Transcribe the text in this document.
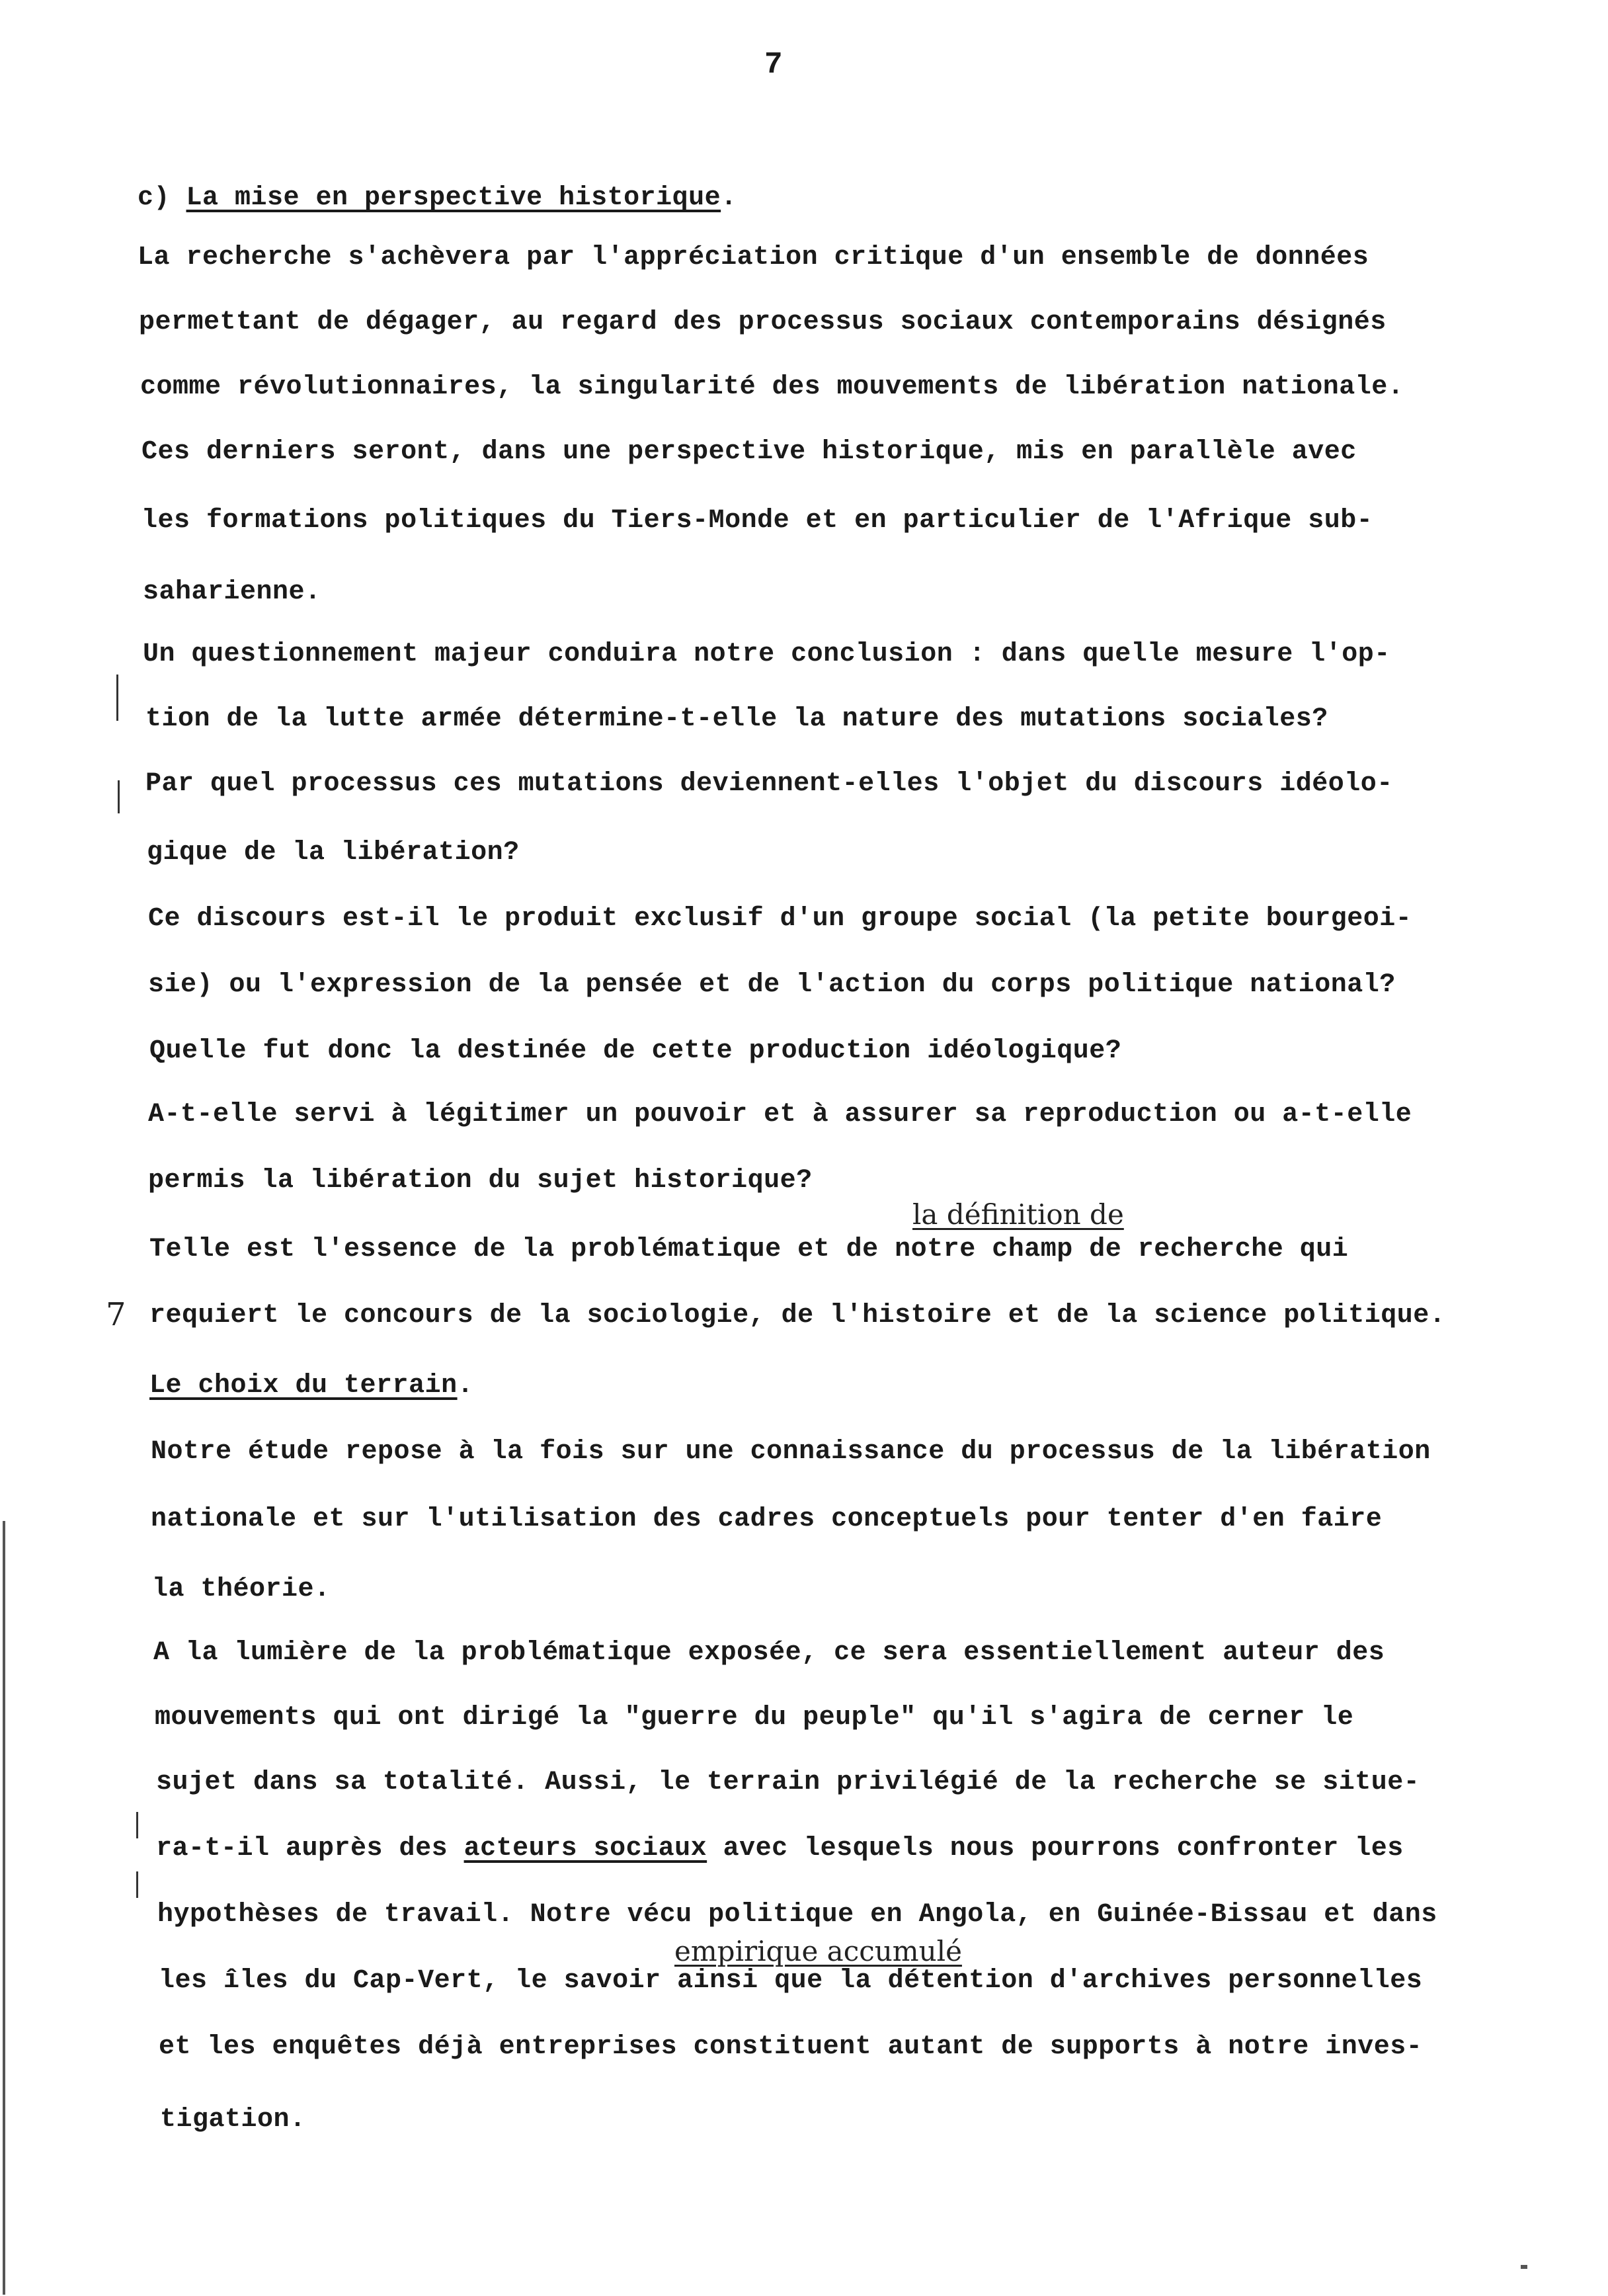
7
c) La mise en perspective historique.
La recherche s'achèvera par l'appréciation critique d'un ensemble de données
permettant de dégager, au regard des processus sociaux contemporains désignés
comme révolutionnaires, la singularité des mouvements de libération nationale.
Ces derniers seront, dans une perspective historique, mis en parallèle avec
les formations politiques du Tiers-Monde et en particulier de l'Afrique sub-
saharienne.
Un questionnement majeur conduira notre conclusion : dans quelle mesure l'op-
tion de la lutte armée détermine-t-elle la nature des mutations sociales?
Par quel processus ces mutations deviennent-elles l'objet du discours idéolo-
gique de la libération?
Ce discours est-il le produit exclusif d'un groupe social (la petite bourgeoi-
sie) ou l'expression de la pensée et de l'action du corps politique national?
Quelle fut donc la destinée de cette production idéologique?
A-t-elle servi à légitimer un pouvoir et à assurer sa reproduction ou a-t-elle
permis la libération du sujet historique?
la définition de
Telle est l'essence de la problématique et de notre champ de recherche qui
7 requiert le concours de la sociologie, de l'histoire et de la science politique.
Le choix du terrain.
Notre étude repose à la fois sur une connaissance du processus de la libération
nationale et sur l'utilisation des cadres conceptuels pour tenter d'en faire
la théorie.
A la lumière de la problématique exposée, ce sera essentiellement auteur des
mouvements qui ont dirigé la "guerre du peuple" qu'il s'agira de cerner le
sujet dans sa totalité. Aussi, le terrain privilégié de la recherche se situe-
ra-t-il auprès des acteurs sociaux avec lesquels nous pourrons confronter les
hypothèses de travail. Notre vécu politique en Angola, en Guinée-Bissau et dans
empirique accumulé
les îles du Cap-Vert, le savoir ainsi que la détention d'archives personnelles
et les enquêtes déjà entreprises constituent autant de supports à notre inves-
tigation.
